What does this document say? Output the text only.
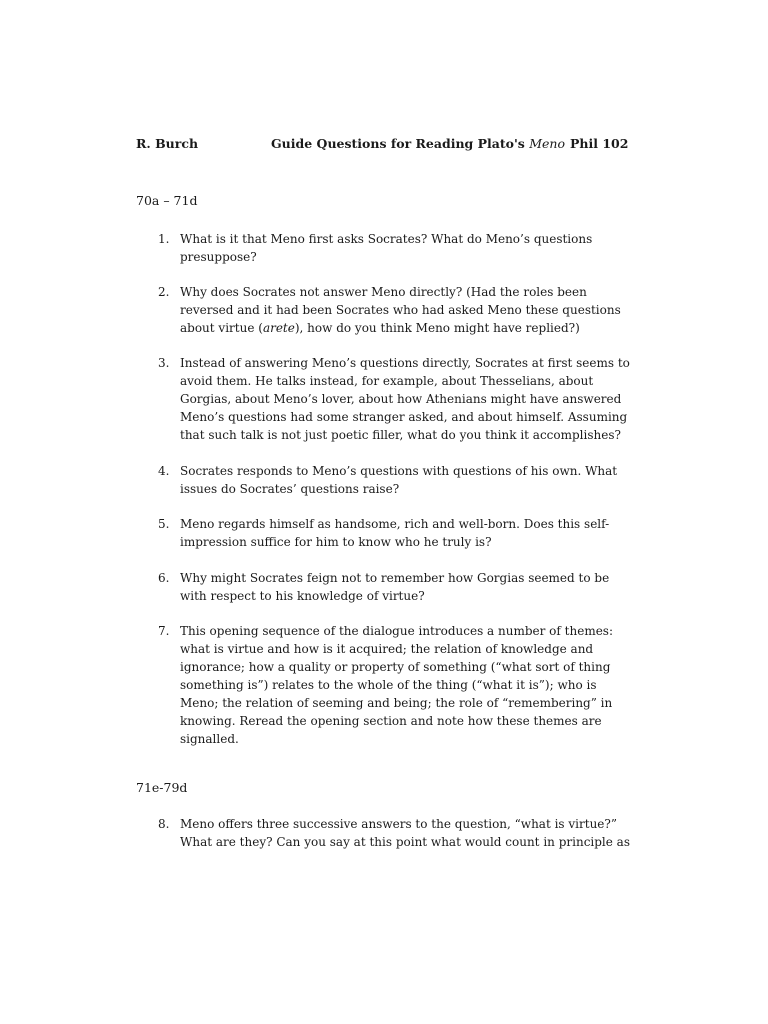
R. Burch	Guide Questions for Reading Plato's Meno Phil 102
70a – 71d
1. What is it that Meno first asks Socrates? What do Meno’s questions presuppose?
2. Why does Socrates not answer Meno directly? (Had the roles been reversed and it had been Socrates who had asked Meno these questions about virtue (arete), how do you think Meno might have replied?)
3. Instead of answering Meno’s questions directly, Socrates at first seems to avoid them. He talks instead, for example, about Thesselians, about Gorgias, about Meno’s lover, about how Athenians might have answered Meno’s questions had some stranger asked, and about himself. Assuming that such talk is not just poetic filler, what do you think it accomplishes?
4. Socrates responds to Meno’s questions with questions of his own. What issues do Socrates’ questions raise?
5. Meno regards himself as handsome, rich and well-born. Does this self-impression suffice for him to know who he truly is?
6. Why might Socrates feign not to remember how Gorgias seemed to be with respect to his knowledge of virtue?
7. This opening sequence of the dialogue introduces a number of themes: what is virtue and how is it acquired; the relation of knowledge and ignorance; how a quality or property of something (“what sort of thing something is”) relates to the whole of the thing (“what it is”); who is Meno; the relation of seeming and being; the role of “remembering” in knowing. Reread the opening section and note how these themes are signalled.
71e-79d
8. Meno offers three successive answers to the question, “what is virtue?” What are they? Can you say at this point what would count in principle as
